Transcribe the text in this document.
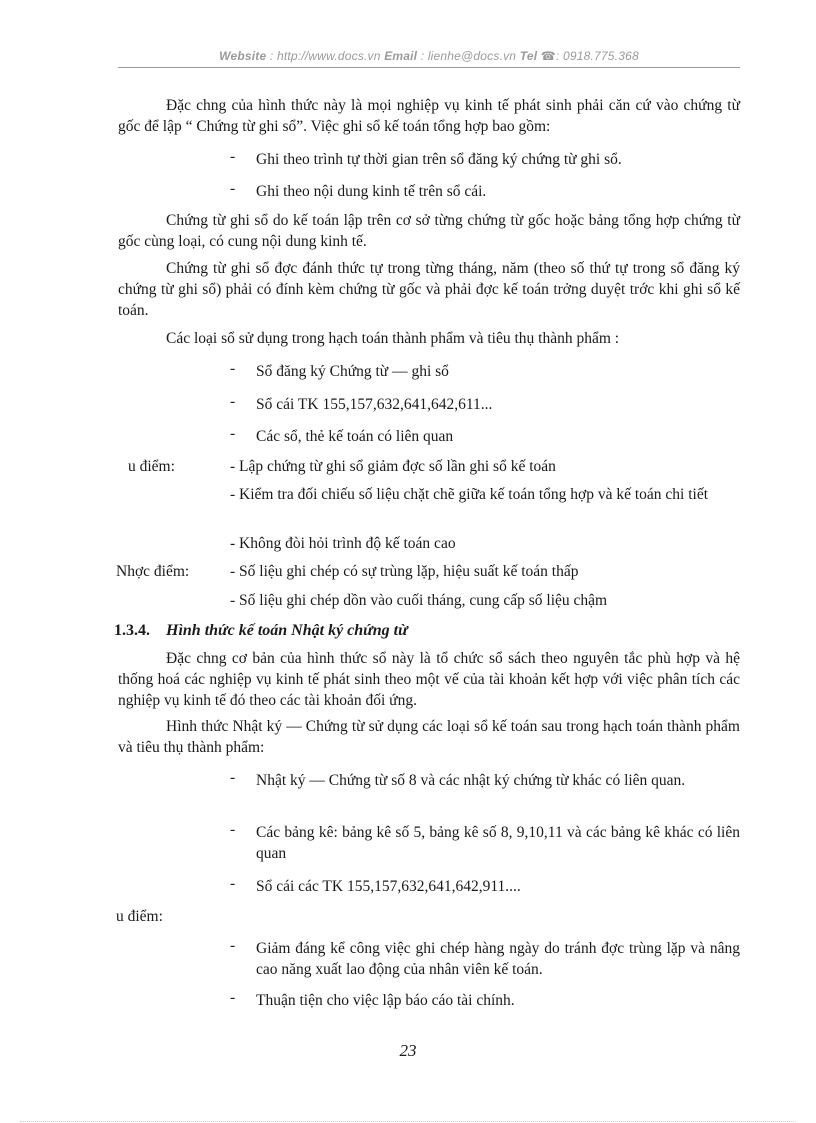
Website : http://www.docs.vn Email : lienhe@docs.vn Tel ☎: 0918.775.368

Đặc chng của hình thức này là mọi nghiệp vụ kinh tế phát sinh phải căn cứ vào chứng từ gốc để lập “ Chứng từ ghi sổ”. Việc ghi sổ kế toán tổng hợp bao gồm:

- Ghi theo trình tự thời gian trên sổ đăng ký chứng từ ghi sổ.
- Ghi theo nội dung kinh tế trên sổ cái.

Chứng từ ghi sổ do kế toán lập trên cơ sở từng chứng từ gốc hoặc bảng tổng hợp chứng từ gốc cùng loại, có cung nội dung kinh tế.

Chứng từ ghi sổ đợc đánh thức tự trong từng tháng, năm (theo số thứ tự trong sổ đăng ký chứng từ ghi sổ) phải có đính kèm chứng từ gốc và phải đợc kế toán trởng duyệt trớc khi ghi sổ kế toán.

Các loại sổ sử dụng trong hạch toán thành phẩm và tiêu thụ thành phẩm :

- Sổ đăng ký Chứng từ — ghi sổ
- Sổ cái TK 155,157,632,641,642,611...
- Các sổ, thẻ kế toán có liên quan
u điểm:	- Lập chứng từ ghi sổ giảm đợc số lần ghi sổ kế toán
- Kiểm tra đối chiếu số liệu chặt chẽ giữa kế toán tổng hợp và kế toán chi tiết
- Không đòi hỏi trình độ kế toán cao
Nhợc điểm:	- Số liệu ghi chép có sự trùng lặp, hiệu suất kế toán thấp
- Số liệu ghi chép dồn vào cuối tháng, cung cấp số liệu chậm
1.3.4. Hình thức kế toán Nhật ký chứng từ

Đặc chng cơ bản của hình thức sổ này là tổ chức sổ sách theo nguyên tắc phù hợp và hệ thống hoá các nghiệp vụ kinh tế phát sinh theo một vế của tài khoản kết hợp với việc phân tích các nghiệp vụ kinh tế đó theo các tài khoản đối ứng.

Hình thức Nhật ký — Chứng từ sử dụng các loại sổ kế toán sau trong hạch toán thành phẩm và tiêu thụ thành phẩm:

- Nhật ký — Chứng từ số 8 và các nhật ký chứng từ khác có liên quan.
- Các bảng kê: bảng kê số 5, bảng kê số 8, 9,10,11 và các bảng kê khác có liên quan
- Sổ cái các TK 155,157,632,641,642,911....
u điểm:
- Giảm đáng kể công việc ghi chép hàng ngày do tránh đợc trùng lặp và nâng cao năng xuất lao động của nhân viên kế toán.
- Thuận tiện cho việc lập báo cáo tài chính.
23
